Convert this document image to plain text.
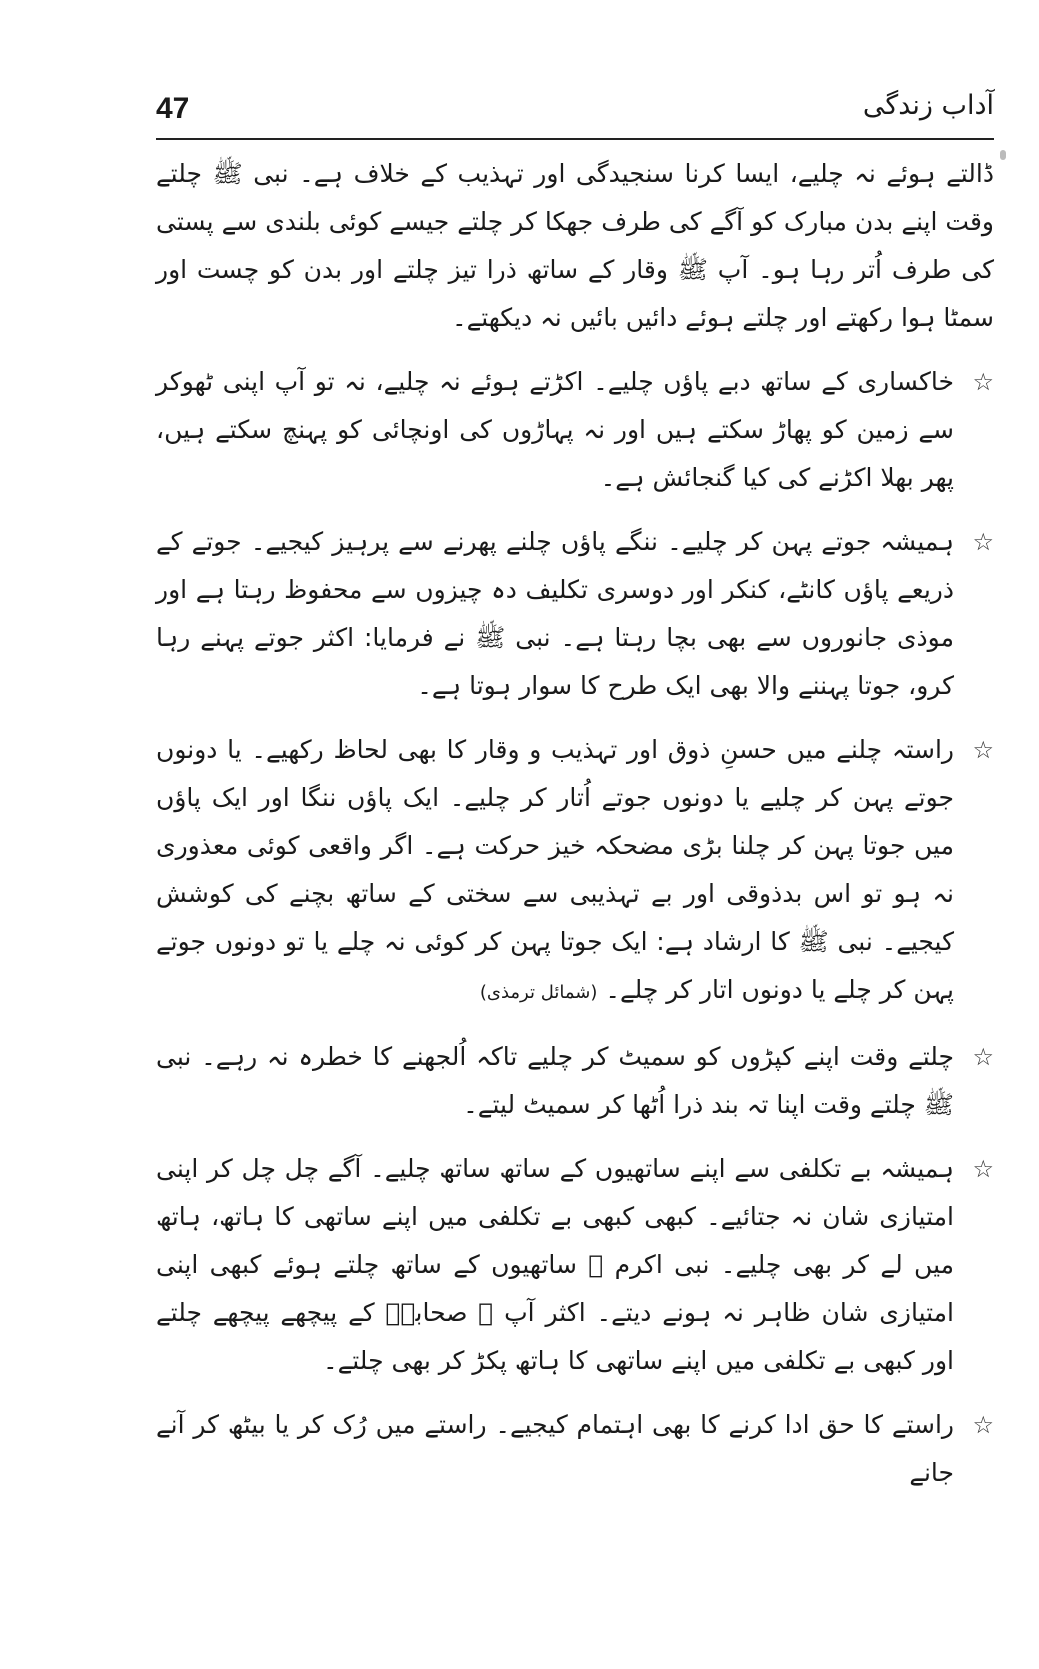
47	آداب زندگی

ڈالتے ہوئے نہ چلیے، ایسا کرنا سنجیدگی اور تہذیب کے خلاف ہے۔ نبی ﷺ چلتے وقت اپنے بدن مبارک کو آگے کی طرف جھکا کر چلتے جیسے کوئی بلندی سے پستی کی طرف اُتر رہا ہو۔ آپ ﷺ وقار کے ساتھ ذرا تیز چلتے اور بدن کو چست اور سمٹا ہوا رکھتے اور چلتے ہوئے دائیں بائیں نہ دیکھتے۔

☆
خاکساری کے ساتھ دبے پاؤں چلیے۔ اکڑتے ہوئے نہ چلیے، نہ تو آپ اپنی ٹھوکر سے زمین کو پھاڑ سکتے ہیں اور نہ پہاڑوں کی اونچائی کو پہنچ سکتے ہیں، پھر بھلا اکڑنے کی کیا گنجائش ہے۔

☆
ہمیشہ جوتے پہن کر چلیے۔ ننگے پاؤں چلنے پھرنے سے پرہیز کیجیے۔ جوتے کے ذریعے پاؤں کانٹے، کنکر اور دوسری تکلیف دہ چیزوں سے محفوظ رہتا ہے اور موذی جانوروں سے بھی بچا رہتا ہے۔ نبی ﷺ نے فرمایا: اکثر جوتے پہنے رہا کرو، جوتا پہننے والا بھی ایک طرح کا سوار ہوتا ہے۔

☆
راستہ چلنے میں حسنِ ذوق اور تہذیب و وقار کا بھی لحاظ رکھیے۔ یا دونوں جوتے پہن کر چلیے یا دونوں جوتے اُتار کر چلیے۔ ایک پاؤں ننگا اور ایک پاؤں میں جوتا پہن کر چلنا بڑی مضحکہ خیز حرکت ہے۔ اگر واقعی کوئی معذوری نہ ہو تو اس بدذوقی اور بے تہذیبی سے سختی کے ساتھ بچنے کی کوشش کیجیے۔ نبی ﷺ کا ارشاد ہے: ایک جوتا پہن کر کوئی نہ چلے یا تو دونوں جوتے پہن کر چلے یا دونوں اتار کر چلے۔ (شمائل ترمذی)

☆
چلتے وقت اپنے کپڑوں کو سمیٹ کر چلیے تاکہ اُلجھنے کا خطرہ نہ رہے۔ نبی ﷺ چلتے وقت اپنا تہ بند ذرا اُٹھا کر سمیٹ لیتے۔

☆
ہمیشہ بے تکلفی سے اپنے ساتھیوں کے ساتھ ساتھ چلیے۔ آگے چل چل کر اپنی امتیازی شان نہ جتائیے۔ کبھی کبھی بے تکلفی میں اپنے ساتھی کا ہاتھ، ہاتھ میں لے کر بھی چلیے۔ نبی اکرم ﷺ ساتھیوں کے ساتھ چلتے ہوئے کبھی اپنی امتیازی شان ظاہر نہ ہونے دیتے۔ اکثر آپ ﷺ صحابہؓ کے پیچھے پیچھے چلتے اور کبھی بے تکلفی میں اپنے ساتھی کا ہاتھ پکڑ کر بھی چلتے۔

☆
راستے کا حق ادا کرنے کا بھی اہتمام کیجیے۔ راستے میں رُک کر یا بیٹھ کر آنے جانے
